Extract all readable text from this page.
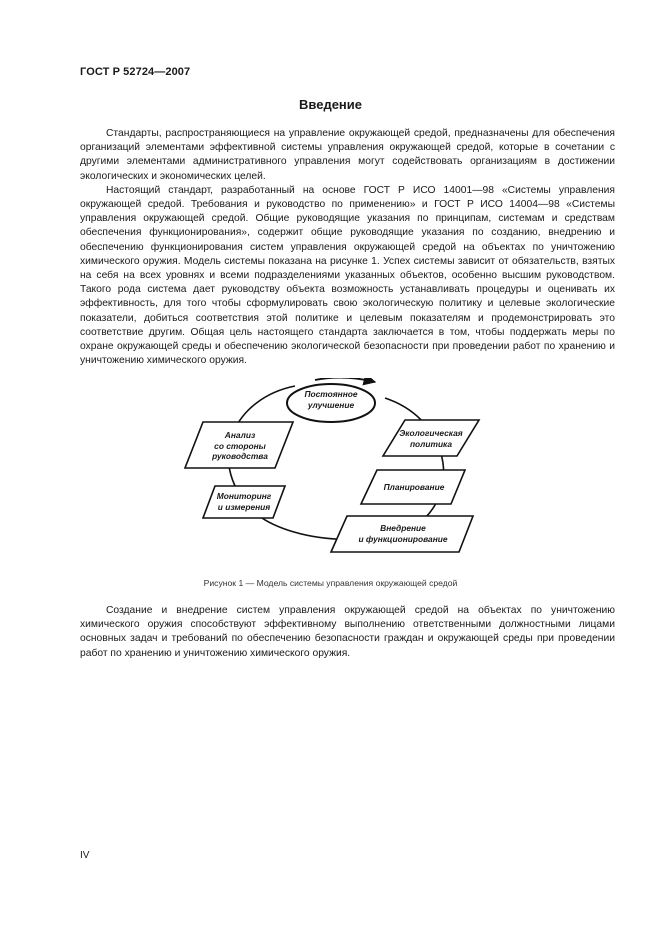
ГОСТ Р 52724—2007
Введение

Стандарты, распространяющиеся на управление окружающей средой, предназначены для обеспечения организаций элементами эффективной системы управления окружающей средой, которые в сочетании с другими элементами административного управления могут содействовать организациям в достижении экологических и экономических целей.

Настоящий стандарт, разработанный на основе ГОСТ Р ИСО 14001—98 «Системы управления окружающей средой. Требования и руководство по применению» и ГОСТ Р ИСО 14004—98 «Системы управления окружающей средой. Общие руководящие указания по принципам, системам и средствам обеспечения функционирования», содержит общие руководящие указания по созданию, внедрению и обеспечению функционирования систем управления окружающей средой на объектах по уничтожению химического оружия. Модель системы показана на рисунке 1. Успех системы зависит от обязательств, взятых на себя на всех уровнях и всеми подразделениями указанных объектов, особенно высшим руководством. Такого рода система дает руководству объекта возможность устанавливать процедуры и оценивать их эффективность, для того чтобы сформулировать свою экологическую политику и целевые экологические показатели, добиться соответствия этой политике и целевым показателям и продемонстрировать это соответствие другим. Общая цель настоящего стандарта заключается в том, чтобы поддержать меры по охране окружающей среды и обеспечению экологической безопасности при проведении работ по хранению и уничтожению химического оружия.

Постоянное
улучшение
Анализ
со стороны
руководства
Мониторинг
и измерения
Экологическая
политика
Планирование
Внедрение
и функционирование
Рисунок 1 — Модель системы управления окружающей средой

Создание и внедрение систем управления окружающей средой на объектах по уничтожению химического оружия способствуют эффективному выполнению ответственными должностными лицами основных задач и требований по обеспечению безопасности граждан и окружающей среды при проведении работ по хранению и уничтожению химического оружия.

IV
